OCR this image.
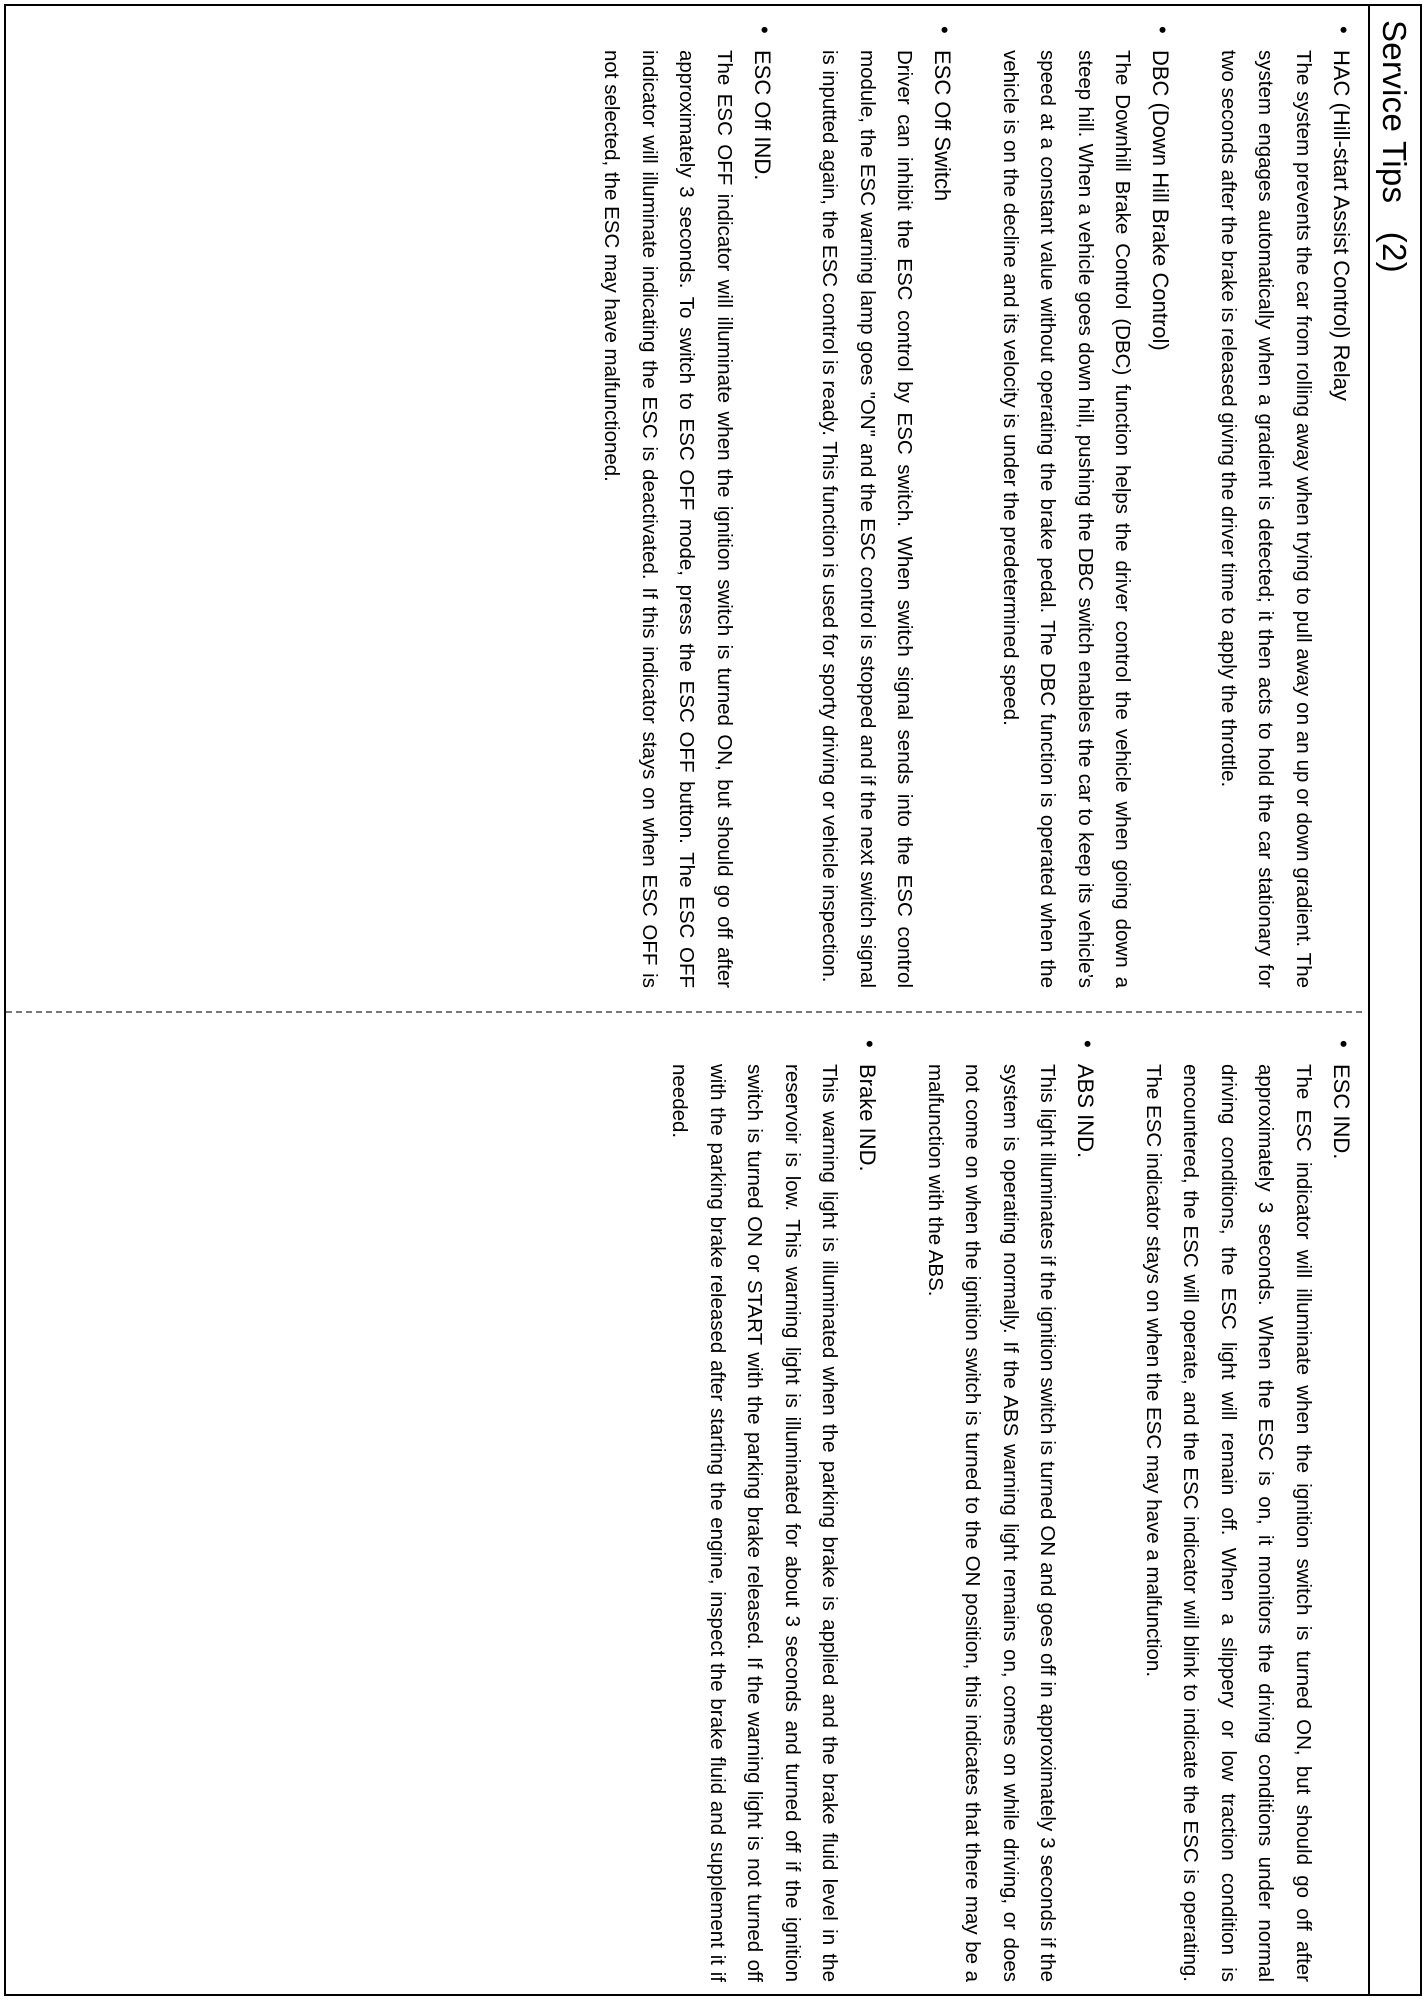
Service Tips   (2)
•
HAC (Hill-start Assist Control) Relay

The system prevents the car from rolling away when trying to pull away on an up or down gradient. The system engages automatically when a gradient is detected; it then acts to hold the car stationary for two seconds after the brake is released giving the driver time to apply the throttle.

•
DBC (Down Hill Brake Control)

The Downhill Brake Control (DBC) function helps the driver control the vehicle when going down a steep hill. When a vehicle goes down hill, pushing the DBC switch enables the car to keep its vehicle’s speed at a constant value without operating the brake pedal. The DBC function is operated when the vehicle is on the decline and its velocity is under the predetermined speed.

•
ESC Off Switch

Driver can inhibit the ESC control by ESC switch. When switch signal sends into the ESC control module, the ESC warning lamp goes "ON" and the ESC control is stopped and if the next switch signal is inputted again, the ESC control is ready. This function is used for sporty driving or vehicle inspection.

•
ESC Off IND.

The ESC OFF indicator will illuminate when the ignition switch is turned ON, but should go off after approximately 3 seconds. To switch to ESC OFF mode, press the ESC OFF button. The ESC OFF indicator will illuminate indicating the ESC is deactivated. If this indicator stays on when ESC OFF is not selected, the ESC may have malfunctioned.

•
ESC IND.

The ESC indicator will illuminate when the ignition switch is turned ON, but should go off after approximately 3 seconds. When the ESC is on, it monitors the driving conditions under normal driving conditions, the ESC light will remain off. When a slippery or low traction condition is encountered, the ESC will operate, and the ESC indicator will blink to indicate the ESC is operating. The ESC indicator stays on when the ESC may have a malfunction.

•
ABS IND.

This light illuminates if the ignition switch is turned ON and goes off in approximately 3 seconds if the system is operating normally. If the ABS warning light remains on, comes on while driving, or does not come on when the ignition switch is turned to the ON position, this indicates that there may be a malfunction with the ABS.

•
Brake IND.

This warning light is illuminated when the parking brake is applied and the brake fluid level in the reservoir is low. This warning light is illuminated for about 3 seconds and turned off if the ignition switch is turned ON or START with the parking brake released. If the warning light is not turned off with the parking brake released after starting the engine, inspect the brake fluid and supplement it if needed.
